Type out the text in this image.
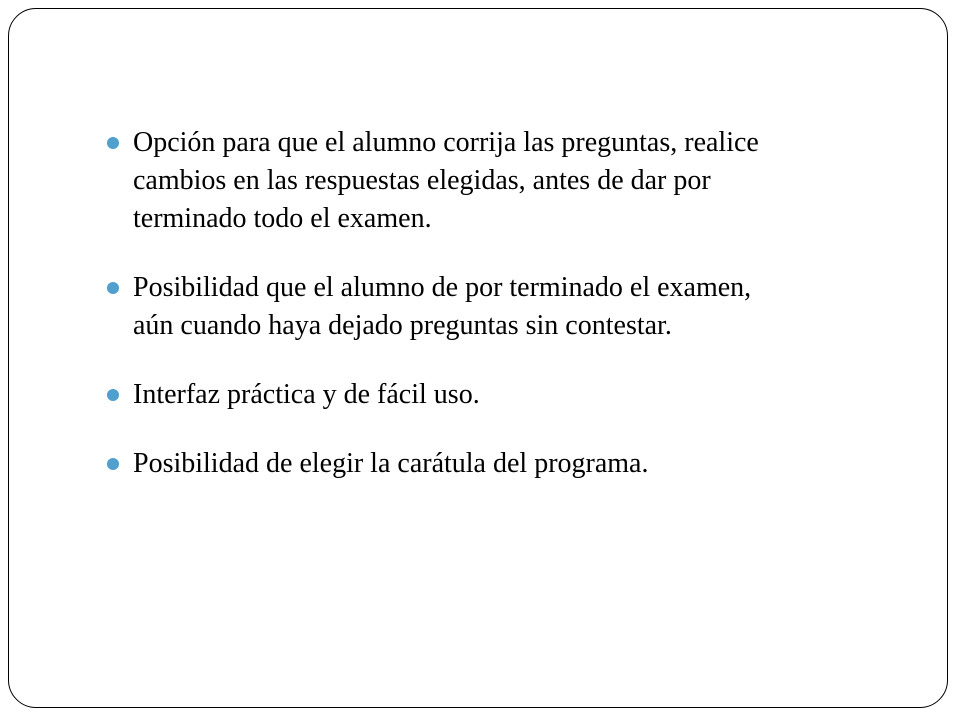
Opción para que el alumno corrija las preguntas, realice
cambios en las respuestas elegidas, antes de dar por
terminado todo el examen.
Posibilidad que el alumno de por terminado el examen,
aún cuando haya dejado preguntas sin contestar.
Interfaz práctica y de fácil uso.
Posibilidad de elegir la carátula del programa.
